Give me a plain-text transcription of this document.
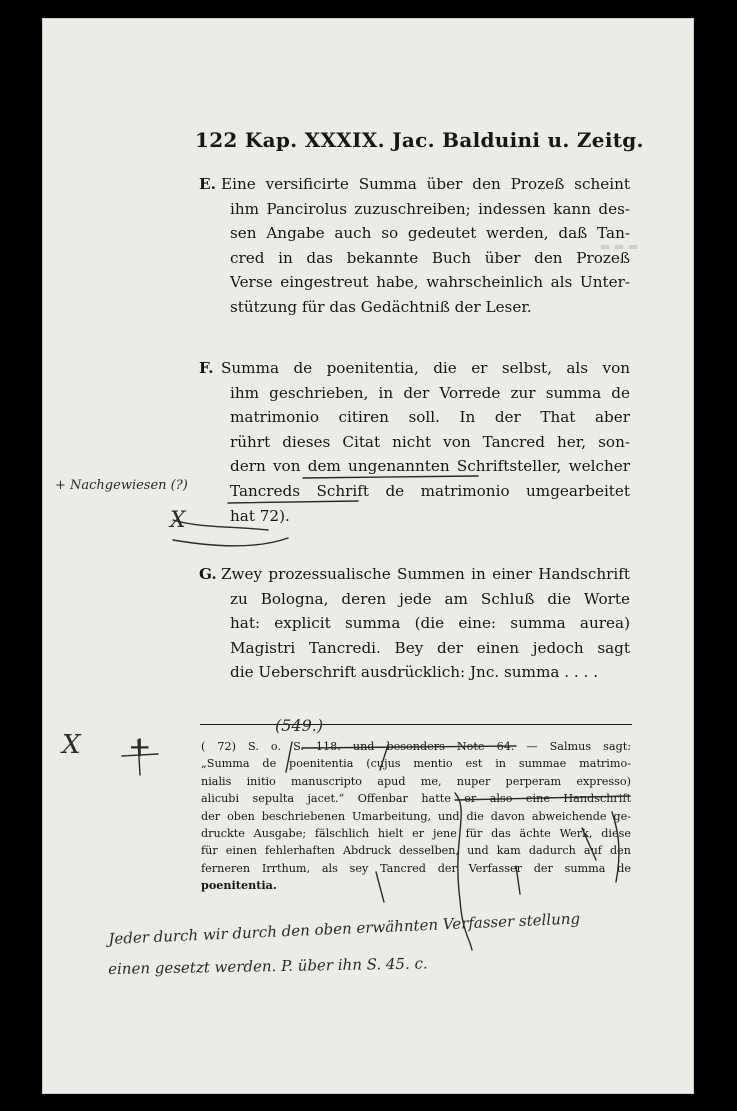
▬ ▬ ▬
122 Kap. XXXIX. Jac. Balduini u. Zeitg.
E. Eine versificirte Summa über den Prozeß scheint
ihm Pancirolus zuzuschreiben; indessen kann des-
sen Angabe auch so gedeutet werden, daß Tan-
cred in das bekannte Buch über den Prozeß
Verse eingestreut habe, wahrscheinlich als Unter-
stützung für das Gedächtniß der Leser.
F. Summa de poenitentia, die er selbst, als von
ihm geschrieben, in der Vorrede zur summa de
matrimonio citiren soll. In der That aber
rührt dieses Citat nicht von Tancred her, son-
dern von dem ungenannten Schriftsteller, welcher
Tancreds Schrift de matrimonio umgearbeitet
hat 72).
G. Zwey prozessualische Summen in einer Handschrift
zu Bologna, deren jede am Schluß die Worte
hat: explicit summa (die eine: summa aurea)
Magistri Tancredi. Bey der einen jedoch sagt
die Ueberschrift ausdrücklich: Jnc. summa . . . .
( 72) S. o. S. 118. und besonders Note 64. — Salmus sagt:
„Summa de poenitentia (cujus mentio est in summae matrimo-
nialis initio manuscripto apud me, nuper perperam expresso)
alicubi sepulta jacet.“ Offenbar hatte er also eine Handschrift
der oben beschriebenen Umarbeitung, und die davon abweichende ge-
druckte Ausgabe; fälschlich hielt er jene für das ächte Werk, diese
für einen fehlerhaften Abdruck desselben, und kam dadurch auf den
ferneren Irrthum, als sey Tancred der Verfasser der summa de
poenitentia.
(549.)
+ Nachgewiesen (?)
X
X +
Jeder durch wir durch den oben erwähnten Verfasser stellung
einen gesetzt werden. P. über ihn S. 45. c.
